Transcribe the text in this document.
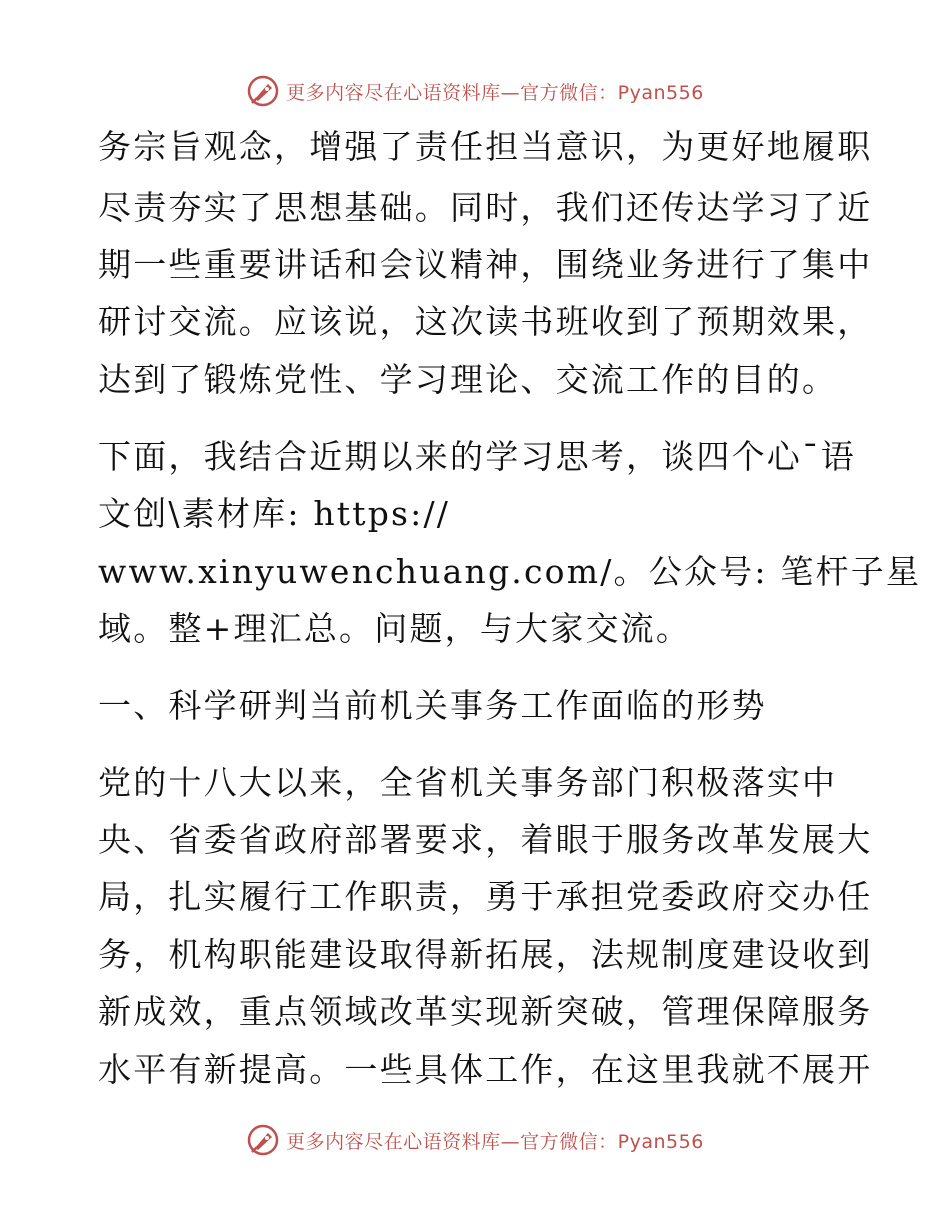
更多内容尽在心语资料库—官方微信：Pyan556
务宗旨观念，增强了责任担当意识，为更好地履职
尽责夯实了思想基础。同时，我们还传达学习了近
期一些重要讲话和会议精神，围绕业务进行了集中
研讨交流。应该说，这次读书班收到了预期效果，
达到了锻炼党性、学习理论、交流工作的目的。
下面，我结合近期以来的学习思考，谈四个心¯语
文创\素材库: https://
www.xinyuwenchuang.com/。公众号: 笔杆子星
域。整+理汇总。问题，与大家交流。
一、科学研判当前机关事务工作面临的形势
党的十八大以来，全省机关事务部门积极落实中
央、省委省政府部署要求，着眼于服务改革发展大
局，扎实履行工作职责，勇于承担党委政府交办任
务，机构职能建设取得新拓展，法规制度建设收到
新成效，重点领域改革实现新突破，管理保障服务
水平有新提高。一些具体工作，在这里我就不展开
更多内容尽在心语资料库—官方微信：Pyan556
